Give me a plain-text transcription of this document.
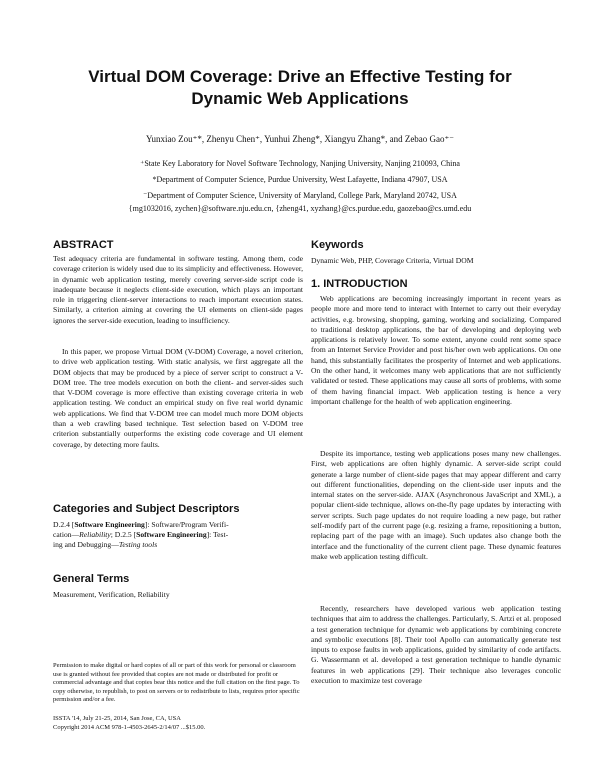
Virtual DOM Coverage: Drive an Effective Testing for
Dynamic Web Applications
Yunxiao Zou⁺*, Zhenyu Chen⁺, Yunhui Zheng*, Xiangyu Zhang*, and Zebao Gao⁺⁻
⁺State Key Laboratory for Novel Software Technology, Nanjing University, Nanjing 210093, China
*Department of Computer Science, Purdue University, West Lafayette, Indiana 47907, USA
⁻Department of Computer Science, University of Maryland, College Park, Maryland 20742, USA
{mg1032016, zychen}@software.nju.edu.cn, {zheng41, xyzhang}@cs.purdue.edu, gaozebao@cs.umd.edu
ABSTRACT

Test adequacy criteria are fundamental in software testing. Among them, code coverage criterion is widely used due to its simplicity and effectiveness. However, in dynamic web application testing, merely covering server-side script code is inadequate because it neglects client-side execution, which plays an important role in triggering client-server interactions to reach important execution states. Similarly, a criterion aiming at covering the UI elements on client-side pages ignores the server-side execution, leading to insufficiency.

In this paper, we propose Virtual DOM (V-DOM) Coverage, a novel criterion, to drive web application testing. With static analysis, we first aggregate all the DOM objects that may be produced by a piece of server script to construct a V-DOM tree. The tree models execution on both the client- and server-sides such that V-DOM coverage is more effective than existing coverage criteria in web application testing. We conduct an empirical study on five real world dynamic web applications. We find that V-DOM tree can model much more DOM objects than a web crawling based technique. Test selection based on V-DOM tree criterion substantially outperforms the existing code coverage and UI element coverage, by detecting more faults.

Categories and Subject Descriptors
D.2.4 [Software Engineering]: Software/Program Verifi-
cation—Reliability; D.2.5 [Software Engineering]: Test-
ing and Debugging—Testing tools
General Terms
Measurement, Verification, Reliability

Permission to make digital or hard copies of all or part of this work for personal or classroom use is granted without fee provided that copies are not made or distributed for profit or commercial advantage and that copies bear this notice and the full citation on the first page. To copy otherwise, to republish, to post on servers or to redistribute to lists, requires prior specific permission and/or a fee.

ISSTA '14, July 21-25, 2014, San Jose, CA, USA
Copyright 2014 ACM 978-1-4503-2645-2/14/07 ...$15.00.
Keywords
Dynamic Web, PHP, Coverage Criteria, Virtual DOM
1. INTRODUCTION

Web applications are becoming increasingly important in recent years as people more and more tend to interact with Internet to carry out their everyday activities, e.g. browsing, shopping, gaming, working and socializing. Compared to traditional desktop applications, the bar of developing and deploying web applications is relatively lower. To some extent, anyone could rent some space from an Internet Service Provider and post his/her own web applications. On one hand, this substantially facilitates the prosperity of Internet and web applications. On the other hand, it welcomes many web applications that are not sufficiently validated or tested. These applications may cause all sorts of problems, with some of them having financial impact. Web application testing is hence a very important challenge for the health of web application engineering.

Despite its importance, testing web applications poses many new challenges. First, web applications are often highly dynamic. A server-side script could generate a large number of client-side pages that may appear different and carry out different functionalities, depending on the client-side user inputs and the internal states on the server-side. AJAX (Asynchronous JavaScript and XML), a popular client-side technique, allows on-the-fly page updates by interacting with server scripts. Such page updates do not require loading a new page, but rather self-modify part of the current page (e.g. resizing a frame, repositioning a button, replacing part of the page with an image). Such updates also change both the interface and the functionality of the current client page. These dynamic features make web application testing difficult.

Recently, researchers have developed various web application testing techniques that aim to address the challenges. Particularly, S. Artzi et al. proposed a test generation technique for dynamic web applications by combining concrete and symbolic executions [8]. Their tool Apollo can automatically generate test inputs to expose faults in web applications, guided by similarity of code artifacts. G. Wassermann et al. developed a test generation technique to handle dynamic features in web applications [29]. Their technique also leverages concolic execution to maximize test coverage
